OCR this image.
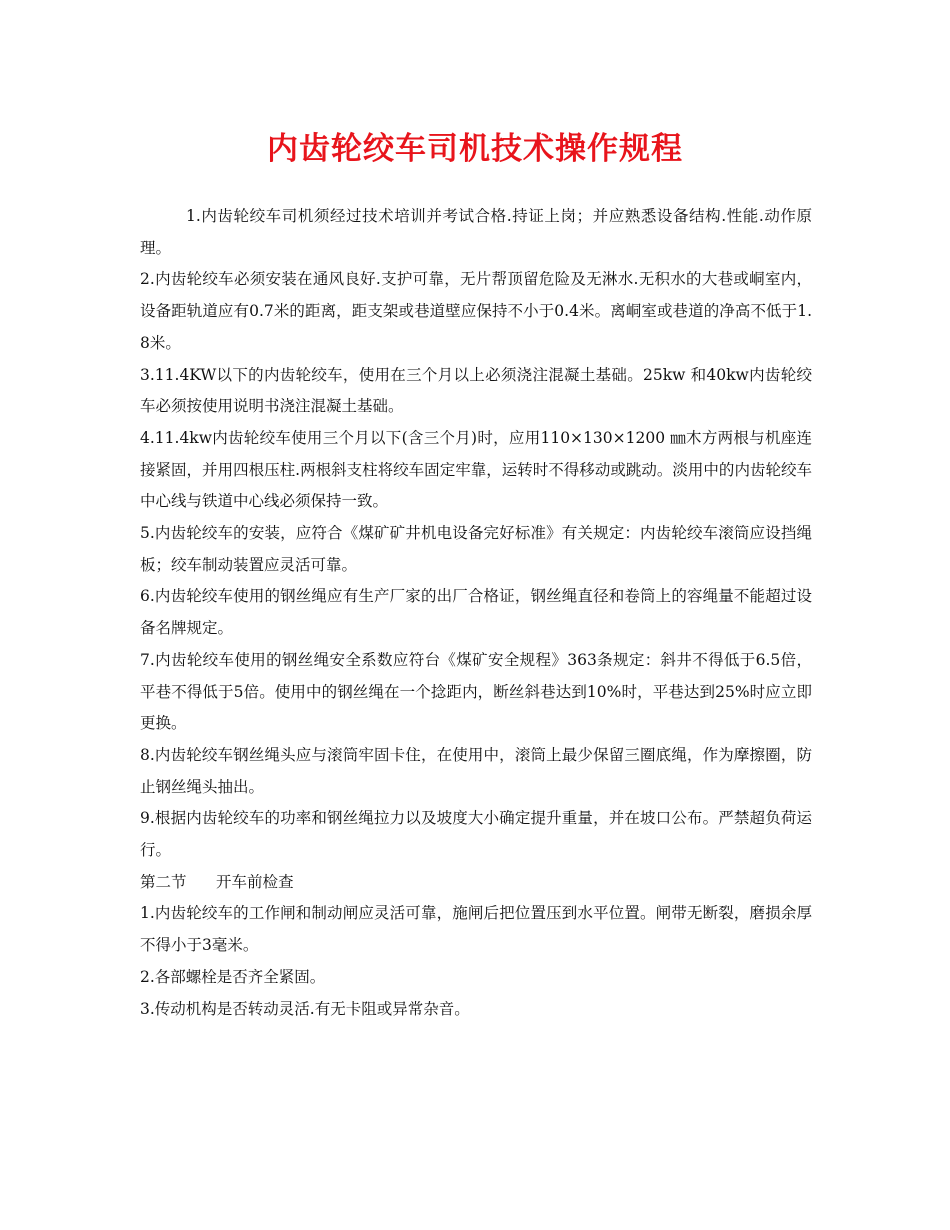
内齿轮绞车司机技术操作规程

1.内齿轮绞车司机须经过技术培训并考试合格.持证上岗；并应熟悉设备结构.性能.动作原理。

2.内齿轮绞车必须安装在通风良好.支护可靠，无片帮顶留危险及无淋水.无积水的大巷或峒室内，设备距轨道应有0.7米的距离，距支架或巷道壁应保持不小于0.4米。离峒室或巷道的净高不低于1.8米。

3.11.4KW以下的内齿轮绞车，使用在三个月以上必须浇注混凝土基础。25kw 和40kw内齿轮绞车必须按使用说明书浇注混凝土基础。

4.11.4kw内齿轮绞车使用三个月以下(含三个月)时，应用110×130×1200 ㎜木方两根与机座连接紧固，并用四根压柱.两根斜支柱将绞车固定牢靠，运转时不得移动或跳动。淡用中的内齿轮绞车中心线与铁道中心线必须保持一致。

5.内齿轮绞车的安装，应符合《煤矿矿井机电设备完好标准》有关规定：内齿轮绞车滚筒应设挡绳板；绞车制动装置应灵活可靠。

6.内齿轮绞车使用的钢丝绳应有生产厂家的出厂合格证，钢丝绳直径和卷筒上的容绳量不能超过设备名牌规定。

7.内齿轮绞车使用的钢丝绳安全系数应符台《煤矿安全规程》363条规定：斜井不得低于6.5倍，平巷不得低于5倍。使用中的钢丝绳在一个捻距内，断丝斜巷达到10%时，平巷达到25%时应立即更换。

8.内齿轮绞车钢丝绳头应与滚筒牢固卡住，在使用中，滚筒上最少保留三圈底绳，作为摩擦圈，防止钢丝绳头抽出。

9.根据内齿轮绞车的功率和钢丝绳拉力以及坡度大小确定提升重量，并在坡口公布。严禁超负荷运行。

第二节      开车前检查

1.内齿轮绞车的工作闸和制动闸应灵活可靠，施闸后把位置压到水平位置。闸带无断裂，磨损余厚不得小于3毫米。

2.各部螺栓是否齐全紧固。

3.传动机构是否转动灵活.有无卡阻或异常杂音。
